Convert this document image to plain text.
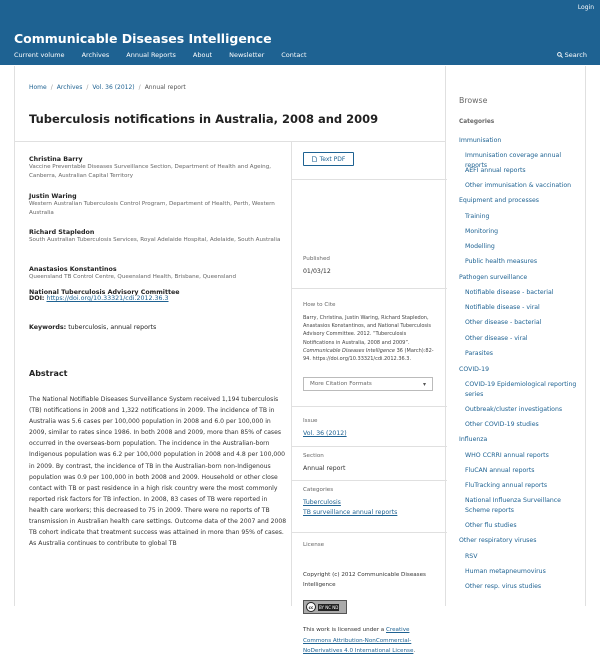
Login
Communicable Diseases Intelligence
Current volume	Archives	Annual Reports	About	Newsletter	Contact	Search
Home / Archives / Vol. 36 (2012) / Annual report
Tuberculosis notifications in Australia, 2008 and 2009
Christina Barry
Vaccine Preventable Diseases Surveillance Section, Department of Health and Ageing, Canberra, Australian Capital Territory
Justin Waring
Western Australian Tuberculosis Control Program, Department of Health, Perth, Western Australia
Richard Stapledon
South Australian Tuberculosis Services, Royal Adelaide Hospital, Adelaide, South Australia
Anastasios Konstantinos
Queensland TB Control Centre, Queensland Health, Brisbane, Queensland
National Tuberculosis Advisory Committee
DOI: https://doi.org/10.33321/cdi.2012.36.3
Keywords: tuberculosis, annual reports
Abstract

The National Notifiable Diseases Surveillance System received 1,194 tuberculosis (TB) notifications in 2008 and 1,322 notifications in 2009. The incidence of TB in Australia was 5.6 cases per 100,000 population in 2008 and 6.0 per 100,000 in 2009, similar to rates since 1986. In both 2008 and 2009, more than 85% of cases occurred in the overseas-born population. The incidence in the Australian-born Indigenous population was 6.2 per 100,000 population in 2008 and 4.8 per 100,000 in 2009. By contrast, the incidence of TB in the Australian-born non-Indigenous population was 0.9 per 100,000 in both 2008 and 2009. Household or other close contact with TB or past residence in a high risk country were the most commonly reported risk factors for TB infection. In 2008, 83 cases of TB were reported in health care workers; this decreased to 75 in 2009. There were no reports of TB transmission in Australian health care settings. Outcome data of the 2007 and 2008 TB cohort indicate that treatment success was attained in more than 95% of cases. As Australia continues to contribute to global TB

Text PDF
Published
01/03/12
How to Cite
Barry, Christina, Justin Waring, Richard Stapledon, Anastasios Konstantinos, and National Tuberculosis Advisory Committee. 2012. “Tuberculosis Notifications in Australia, 2008 and 2009”. Communicable Diseases Intelligence 36 (March):82-94. https://doi.org/10.33321/cdi.2012.36.3.
More Citation Formats	▾
Issue
Vol. 36 (2012)
Section
Annual report
Categories
Tuberculosis
TB surveillance annual reports
License
Copyright (c) 2012 Communicable Diseases Intelligence
cc	BY NC ND
This work is licensed under a Creative Commons Attribution-NonCommercial-NoDerivatives 4.0 International License.
Browse
Categories
Immunisation
Immunisation coverage annual reports
AEFI annual reports
Other immunisation & vaccination
Equipment and processes
Training
Monitoring
Modelling
Public health measures
Pathogen surveillance
Notifiable disease - bacterial
Notifiable disease - viral
Other disease - bacterial
Other disease - viral
Parasites
COVID-19
COVID-19 Epidemiological reporting series
Outbreak/cluster investigations
Other COVID-19 studies
Influenza
WHO CCRRI annual reports
FluCAN annual reports
FluTracking annual reports
National Influenza Surveillance Scheme reports
Other flu studies
Other respiratory viruses
RSV
Human metapneumovirus
Other resp. virus studies
